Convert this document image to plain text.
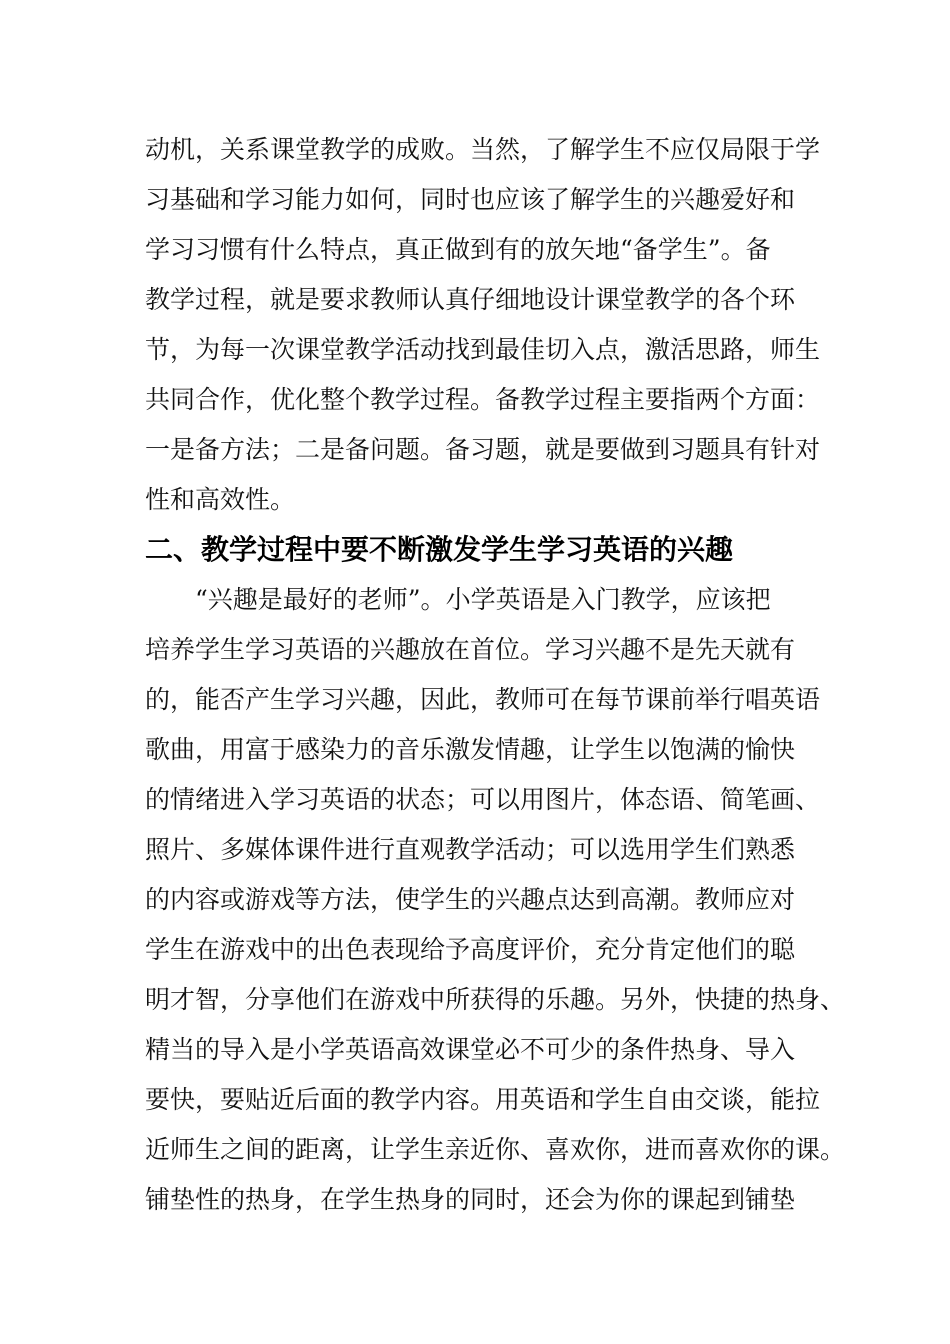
动机，关系课堂教学的成败。当然，了解学生不应仅局限于学
习基础和学习能力如何，同时也应该了解学生的兴趣爱好和
学习习惯有什么特点，真正做到有的放矢地“备学生”。备
教学过程，就是要求教师认真仔细地设计课堂教学的各个环
节，为每一次课堂教学活动找到最佳切入点，激活思路，师生
共同合作，优化整个教学过程。备教学过程主要指两个方面：
一是备方法；二是备问题。备习题，就是要做到习题具有针对
性和高效性。
二、教学过程中要不断激发学生学习英语的兴趣
　　“兴趣是最好的老师”。小学英语是入门教学，应该把
培养学生学习英语的兴趣放在首位。学习兴趣不是先天就有
的，能否产生学习兴趣，因此，教师可在每节课前举行唱英语
歌曲，用富于感染力的音乐激发情趣，让学生以饱满的愉快
的情绪进入学习英语的状态；可以用图片，体态语、简笔画、
照片、多媒体课件进行直观教学活动；可以选用学生们熟悉
的内容或游戏等方法，使学生的兴趣点达到高潮。教师应对
学生在游戏中的出色表现给予高度评价，充分肯定他们的聪
明才智，分享他们在游戏中所获得的乐趣。另外，快捷的热身、
精当的导入是小学英语高效课堂必不可少的条件热身、导入
要快，要贴近后面的教学内容。用英语和学生自由交谈，能拉
近师生之间的距离，让学生亲近你、喜欢你，进而喜欢你的课。
铺垫性的热身，在学生热身的同时，还会为你的课起到铺垫
